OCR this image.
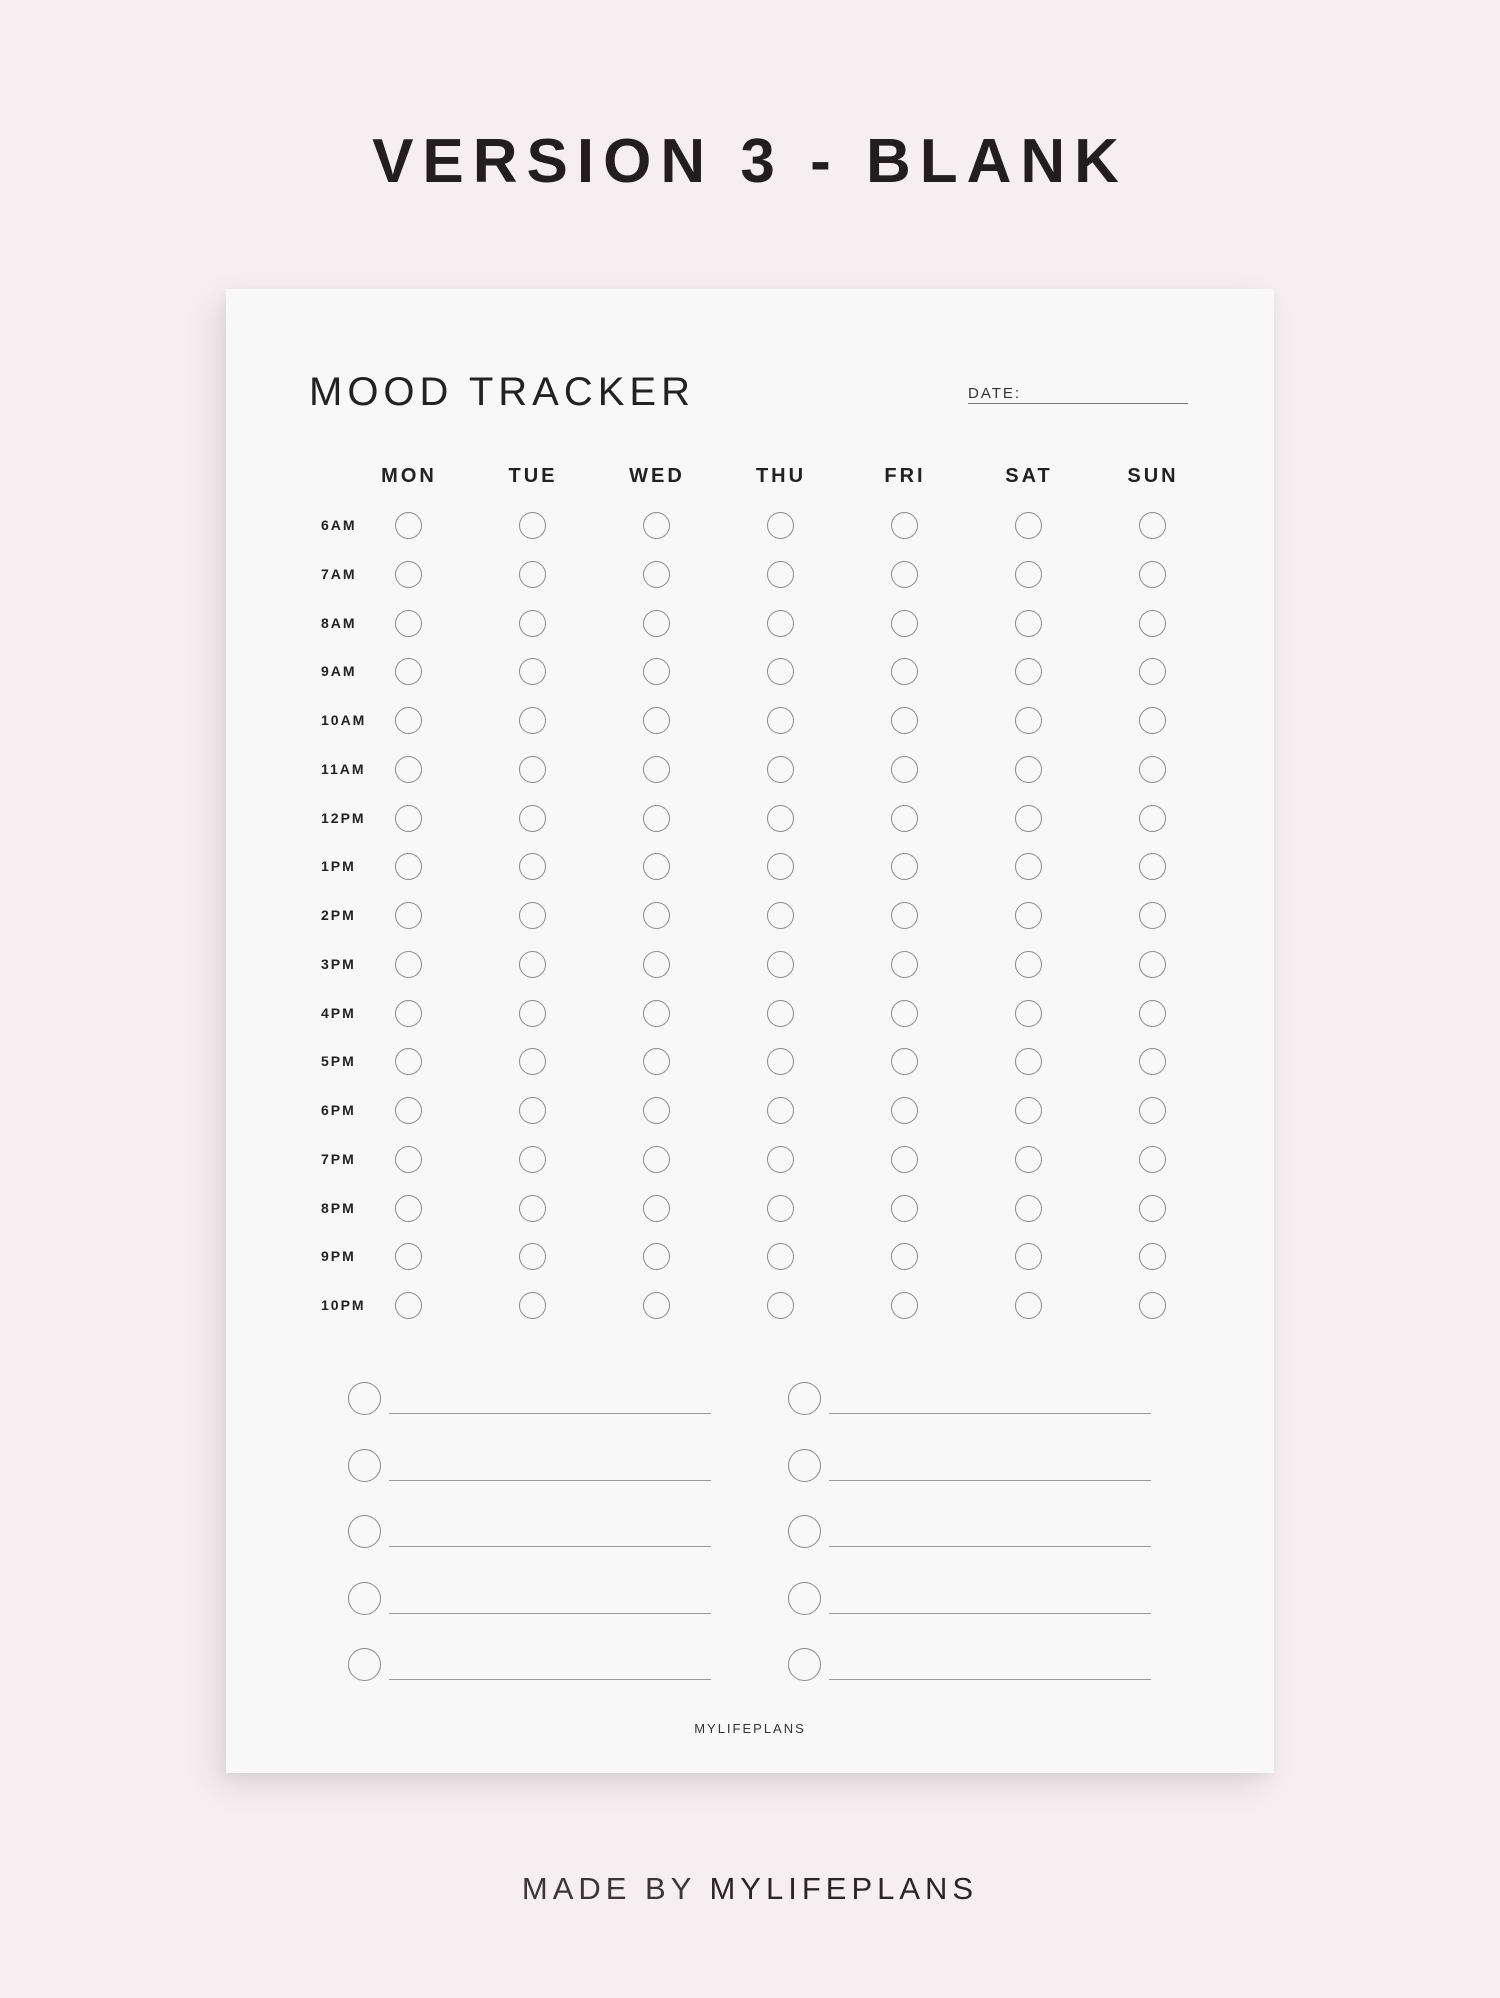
VERSION 3 - BLANK
MOOD TRACKER	DATE:
MON	TUE	WED	THU	FRI	SAT	SUN
6AM
7AM
8AM
9AM
10AM
11AM
12PM
1PM
2PM
3PM
4PM
5PM
6PM
7PM
8PM
9PM
10PM
MYLIFEPLANS
MADE BY MYLIFEPLANS
